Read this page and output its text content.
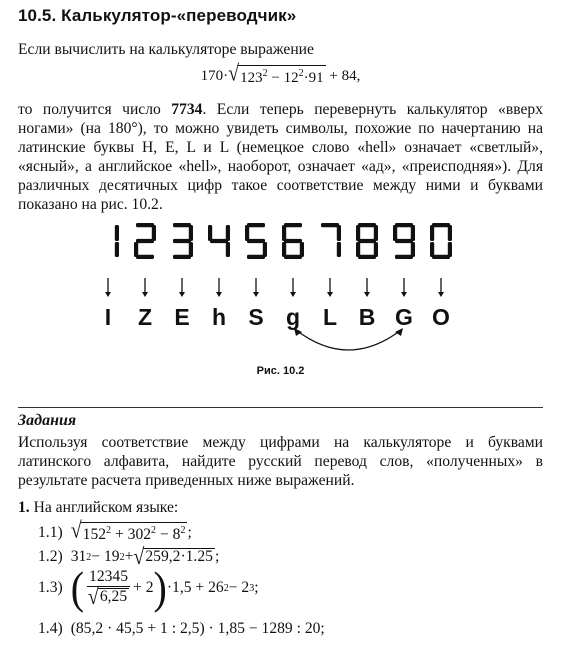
10.5. Калькулятор-«переводчик»
Если вычислить на калькуляторе выражение
170· √ $123^2 - 12^2\cdot 91 + 84$,
то получится число 7734. Если теперь перевернуть калькулятор «вверх ногами» (на 180°), то можно увидеть символы, похожие по начертанию на латинские буквы H, E, L и L (немецкое слово «hell» означает «светлый», «ясный», а английское «hell», наоборот, означает «ад», «преисподняя»). Для различных десятичных цифр такое соответствие между ними и буквами показано на рис. 10.2.
I Z E h S g L B G O
Рис. 10.2
Задания
Используя соответствие между цифрами на калькуляторе и буквами латинского алфавита, найдите русский перевод слов, «полученных» в результате расчета приведенных ниже выражений.
1. На английском языке:
1.1) √ $152^2 + 302^2 - 8^2$ ;
1.2) 31 2 − 19 2 + √ 259,2·1.25 ;
1.3) ( $\frac{12345}{√ 6,25} + 2$ ) ·1,5 + 26 2 − 2 3 ;
1.4) (85,2 · 45,5 + 1 : 2,5) · 1,85 − 1289 : 20;
